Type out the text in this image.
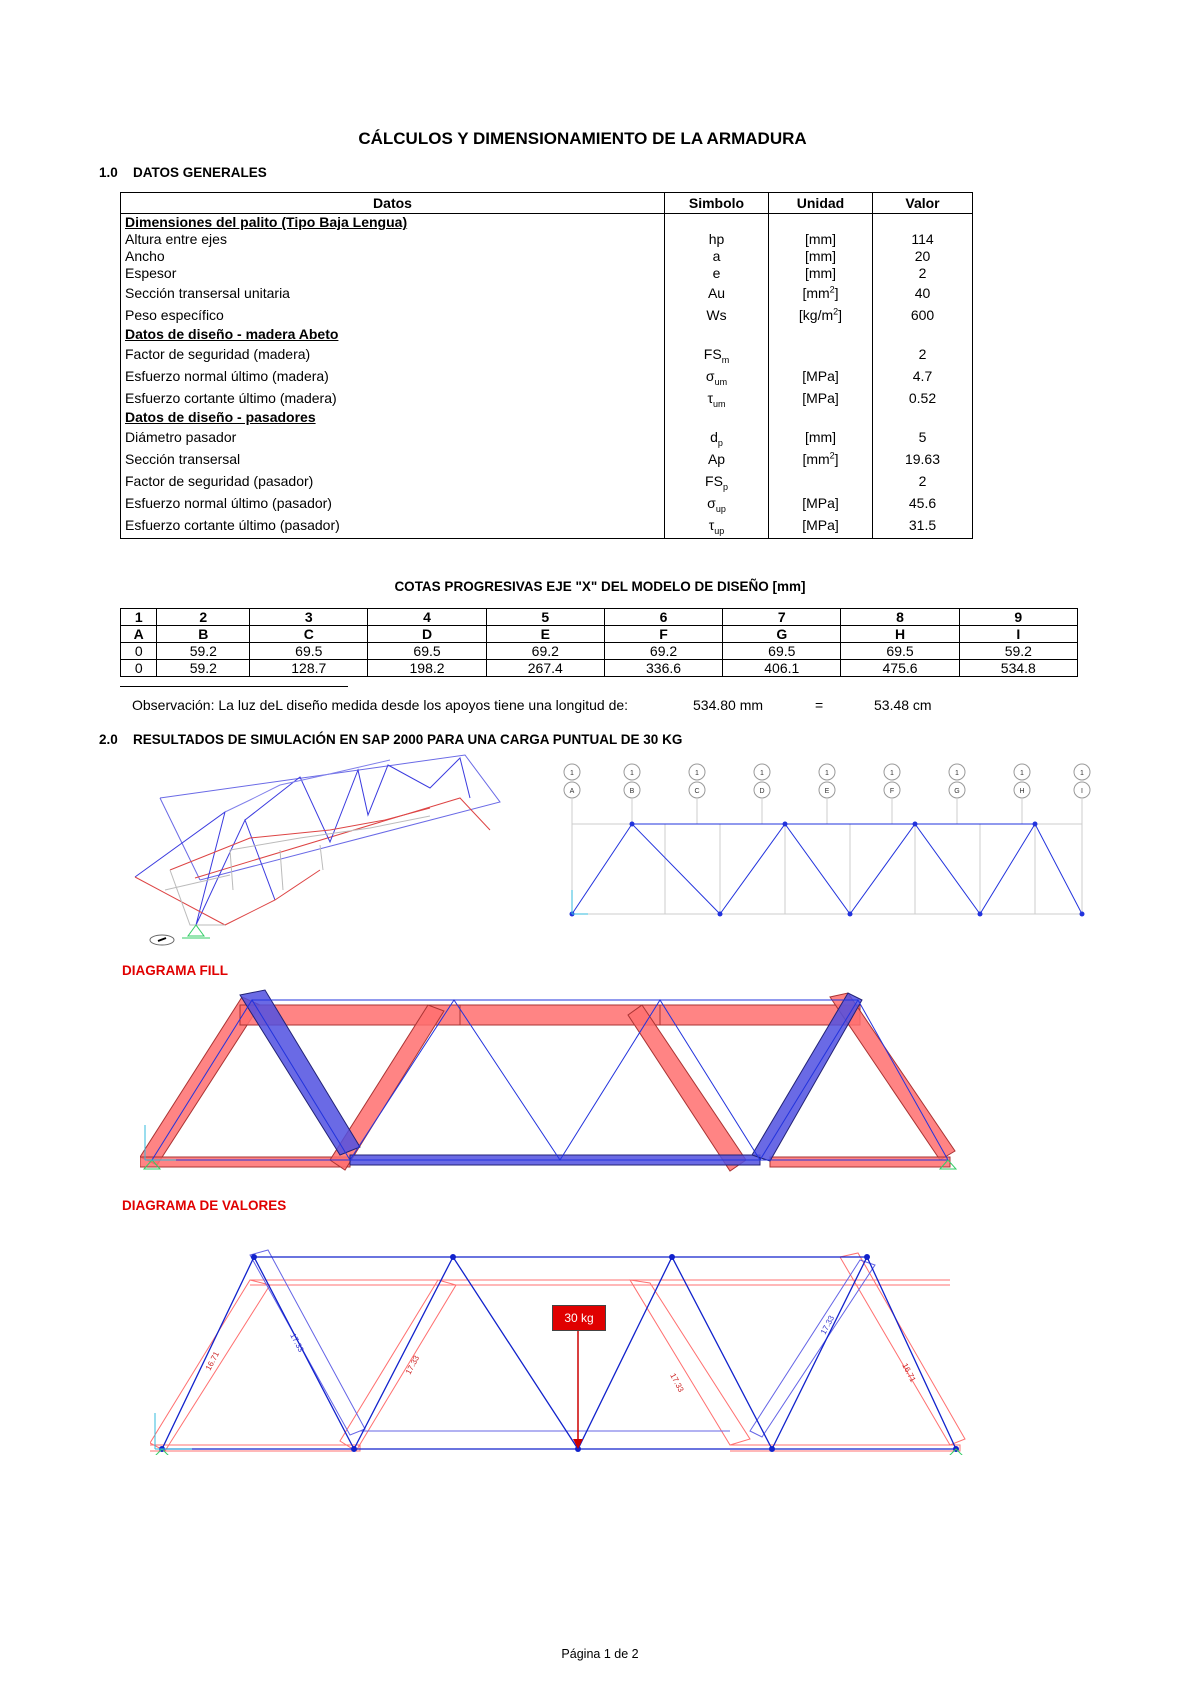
CÁLCULOS Y DIMENSIONAMIENTO DE LA ARMADURA
1.0 DATOS GENERALES
Datos	Simbolo	Unidad	Valor
Dimensiones del palito (Tipo Baja Lengua)			
Altura entre ejes	hp	[mm]	114
Ancho	a	[mm]	20
Espesor	e	[mm]	2
Sección transersal unitaria	Au	$[mm^2]$	40
Peso específico	Ws	$[kg/m^2]$	600
Datos de diseño - madera Abeto			
Factor de seguridad (madera)	$FS_m$		2
Esfuerzo normal último (madera)	$\sigma_{um}$	[MPa]	4.7
Esfuerzo cortante último (madera)	$\tau_{um}$	[MPa]	0.52
Datos de diseño - pasadores			
Diámetro pasador	$d_p$	[mm]	5
Sección transersal	Ap	$[mm^2]$	19.63
Factor de seguridad (pasador)	$FS_p$		2
Esfuerzo normal último (pasador)	$\sigma_{up}$	[MPa]	45.6
Esfuerzo cortante último (pasador)	$\tau_{up}$	[MPa]	31.5
COTAS PROGRESIVAS EJE "X" DEL MODELO DE DISEÑO [mm]
1	2	3	4	5	6	7	8	9
A	B	C	D	E	F	G	H	I
0	59.2	69.5	69.5	69.2	69.2	69.5	69.5	59.2
0	59.2	128.7	198.2	267.4	336.6	406.1	475.6	534.8
Observación: La luz deL diseño medida desde los apoyos tiene una longitud de:	534.80 mm	=	53.48 cm
2.0 RESULTADOS DE SIMULACIÓN EN SAP 2000 PARA UNA CARGA PUNTUAL DE 30 KG
1
A
1
B
1
C
1
D
1
E
1
F
1
G
1
H
1
I
DIAGRAMA FILL
DIAGRAMA DE VALORES
16.71	17.33
17.33	16.71
17.33
17.33
30 kg
Página 1 de 2
